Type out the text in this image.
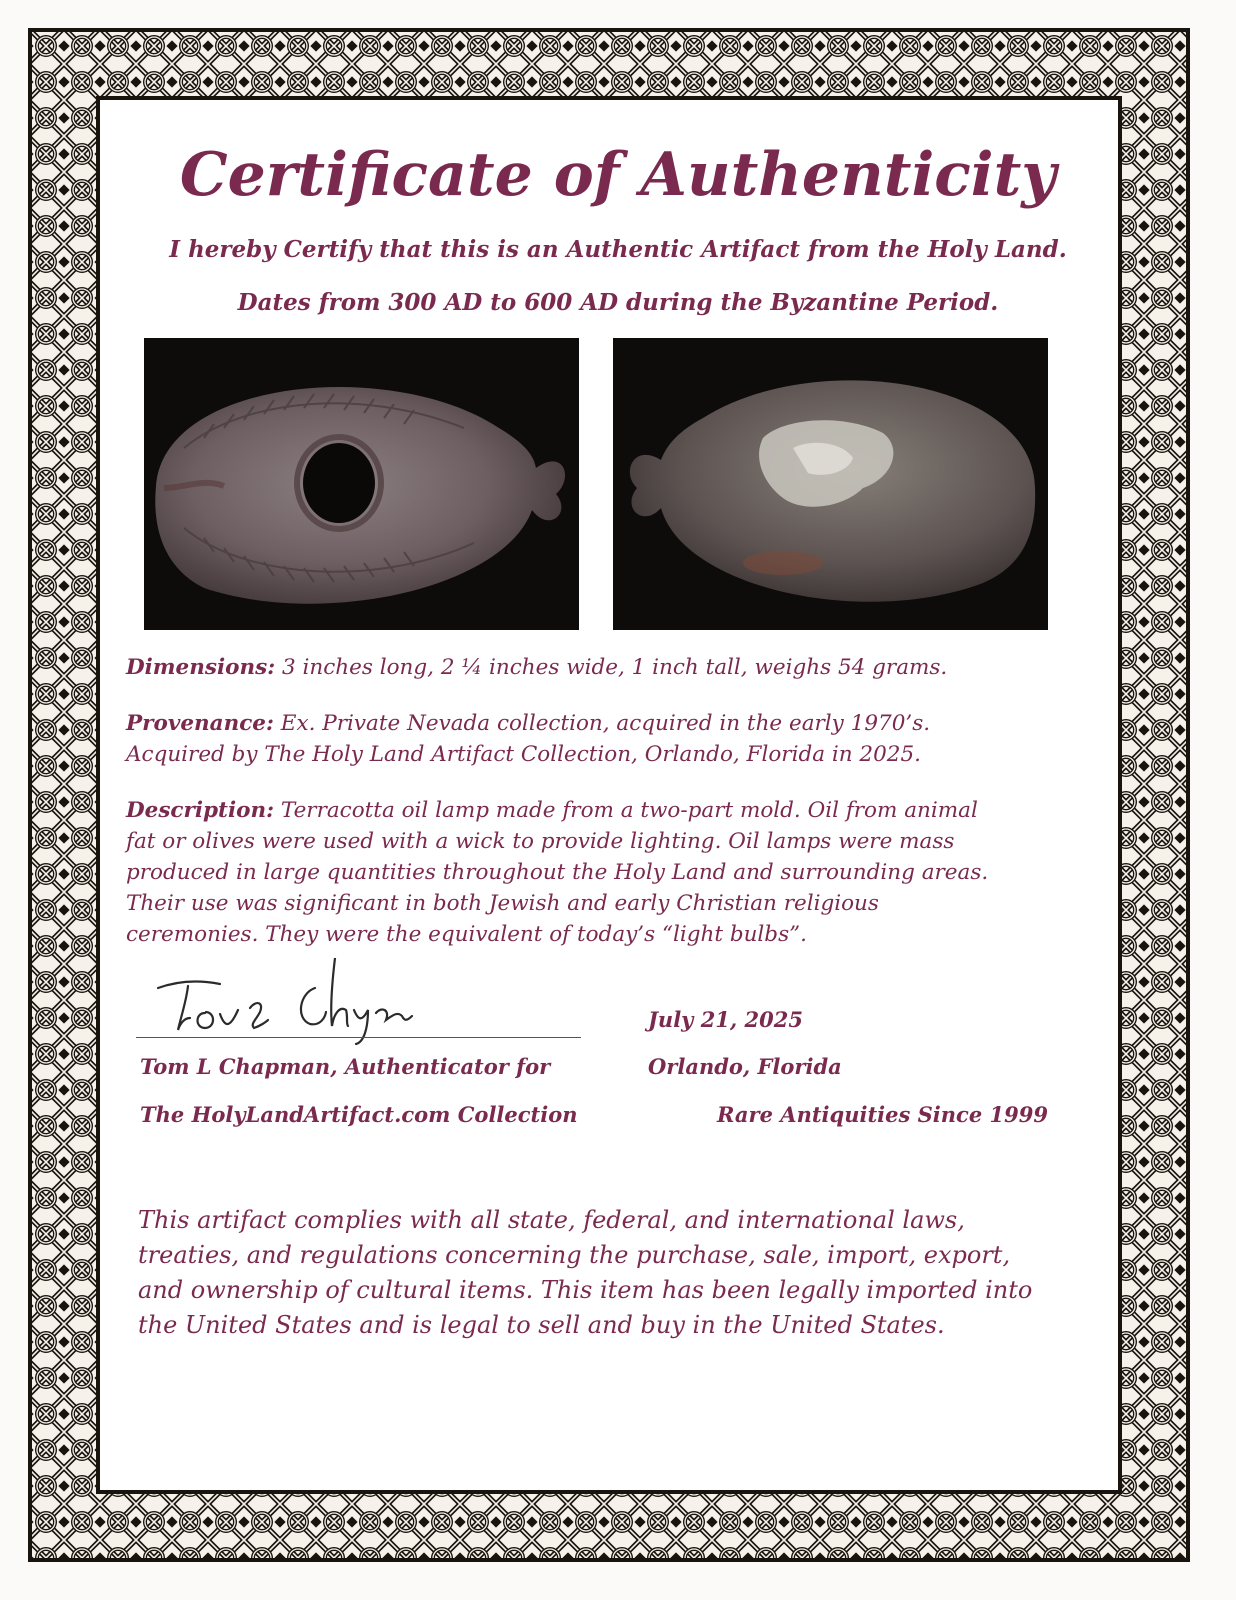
Certificate of Authenticity
I hereby Certify that this is an Authentic Artifact from the Holy Land.
Dates from 300 AD to 600 AD during the Byzantine Period.
Dimensions: 3 inches long, 2 ¼ inches wide, 1 inch tall, weighs 54 grams.
Provenance: Ex. Private Nevada collection, acquired in the early 1970’s.
Acquired by The Holy Land Artifact Collection, Orlando, Florida in 2025.
Description: Terracotta oil lamp made from a two-part mold. Oil from animal
fat or olives were used with a wick to provide lighting. Oil lamps were mass
produced in large quantities throughout the Holy Land and surrounding areas.
Their use was significant in both Jewish and early Christian religious
ceremonies. They were the equivalent of today’s “light bulbs”.
Tom L Chapman, Authenticator for
The HolyLandArtifact.com Collection
July 21, 2025
Orlando, Florida
Rare Antiquities Since 1999
This artifact complies with all state, federal, and international laws,
treaties, and regulations concerning the purchase, sale, import, export,
and ownership of cultural items. This item has been legally imported into
the United States and is legal to sell and buy in the United States.
